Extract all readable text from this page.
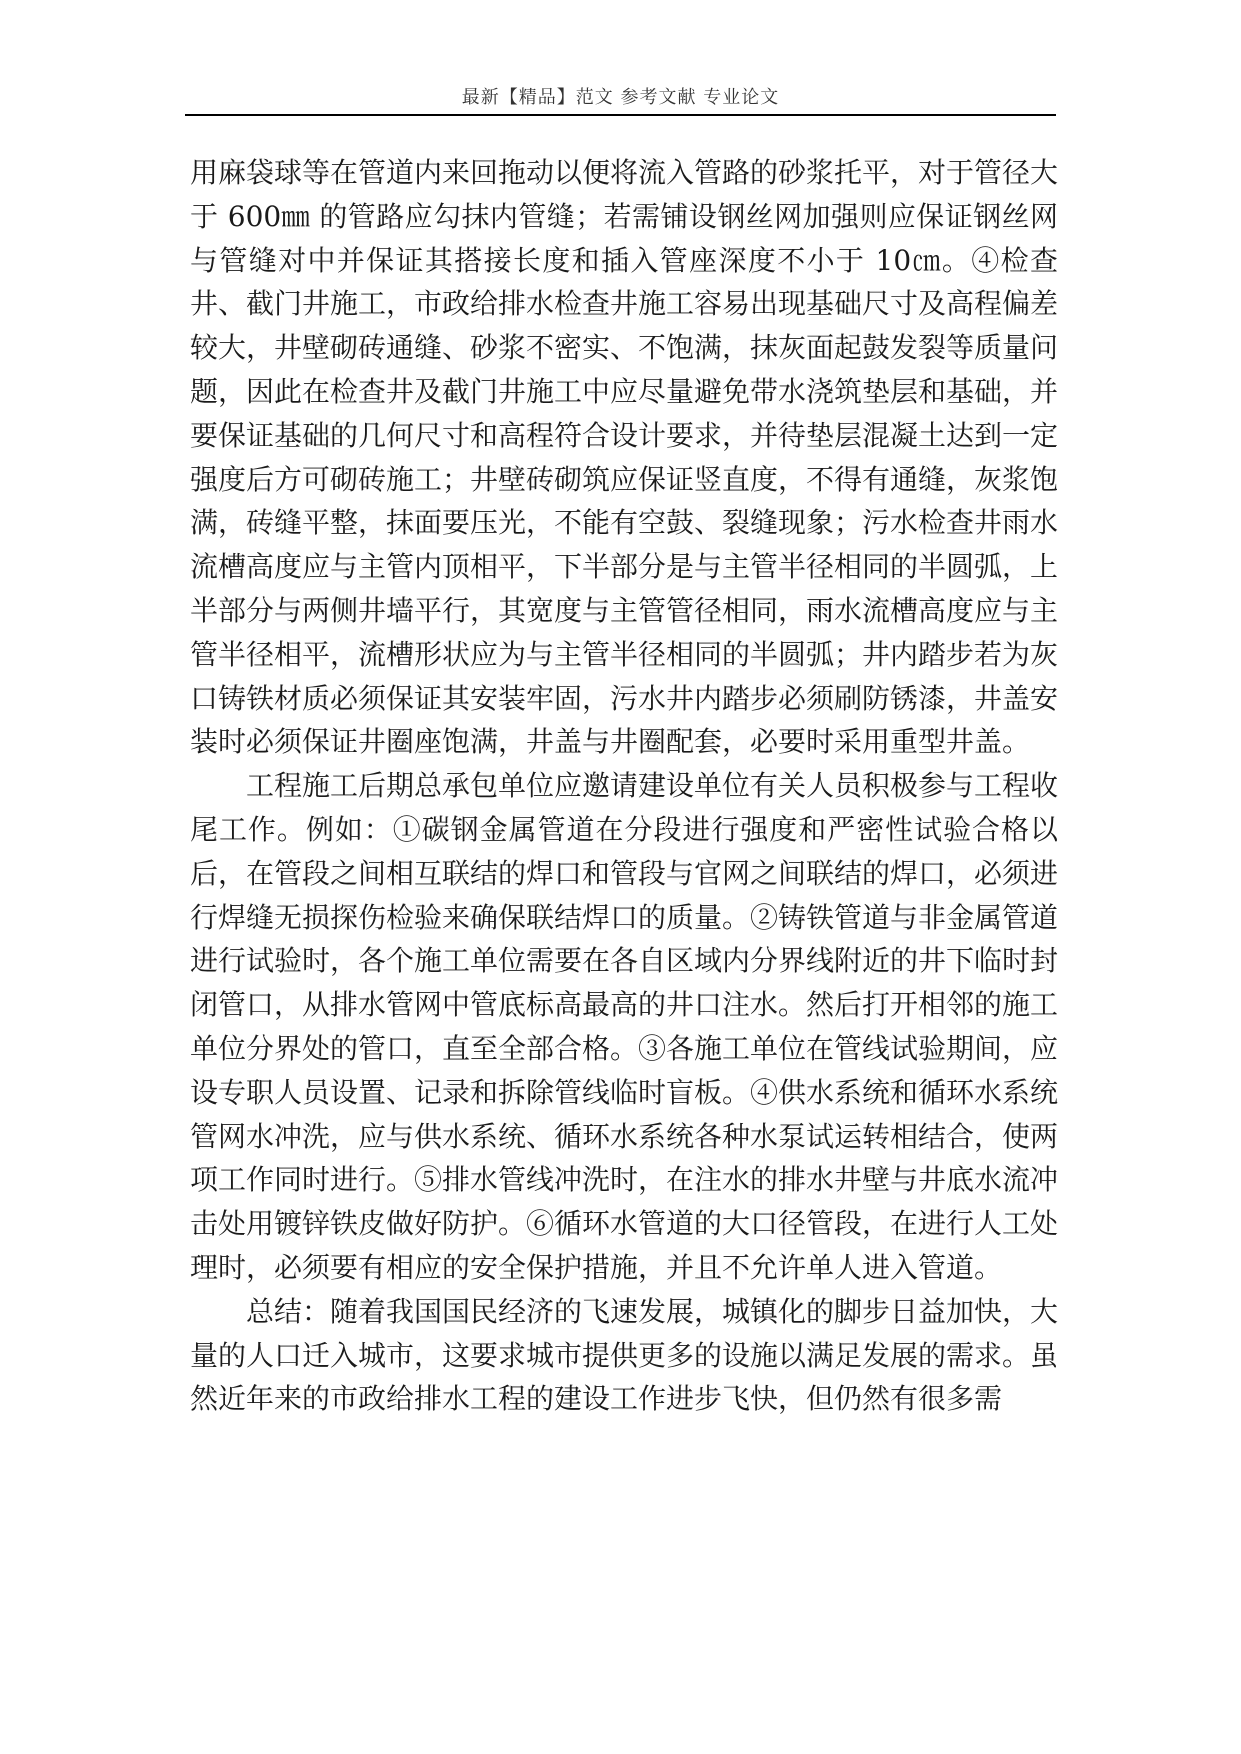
最新【精品】范文 参考文献 专业论文

用麻袋球等在管道内来回拖动以便将流入管路的砂浆托平，对于管径大于 600㎜ 的管路应勾抹内管缝；若需铺设钢丝网加强则应保证钢丝网与管缝对中并保证其搭接长度和插入管座深度不小于 10㎝。④检查井、截门井施工，市政给排水检查井施工容易出现基础尺寸及高程偏差较大，井壁砌砖通缝、砂浆不密实、不饱满，抹灰面起鼓发裂等质量问题，因此在检查井及截门井施工中应尽量避免带水浇筑垫层和基础，并要保证基础的几何尺寸和高程符合设计要求，并待垫层混凝土达到一定强度后方可砌砖施工；井壁砖砌筑应保证竖直度，不得有通缝，灰浆饱满，砖缝平整，抹面要压光，不能有空鼓、裂缝现象；污水检查井雨水流槽高度应与主管内顶相平，下半部分是与主管半径相同的半圆弧，上半部分与两侧井墙平行，其宽度与主管管径相同，雨水流槽高度应与主管半径相平，流槽形状应为与主管半径相同的半圆弧；井内踏步若为灰口铸铁材质必须保证其安装牢固，污水井内踏步必须刷防锈漆，井盖安装时必须保证井圈座饱满，井盖与井圈配套，必要时采用重型井盖。

工程施工后期总承包单位应邀请建设单位有关人员积极参与工程收尾工作。例如：①碳钢金属管道在分段进行强度和严密性试验合格以后，在管段之间相互联结的焊口和管段与官网之间联结的焊口，必须进行焊缝无损探伤检验来确保联结焊口的质量。②铸铁管道与非金属管道进行试验时，各个施工单位需要在各自区域内分界线附近的井下临时封闭管口，从排水管网中管底标高最高的井口注水。然后打开相邻的施工单位分界处的管口，直至全部合格。③各施工单位在管线试验期间，应设专职人员设置、记录和拆除管线临时盲板。④供水系统和循环水系统管网水冲洗，应与供水系统、循环水系统各种水泵试运转相结合，使两项工作同时进行。⑤排水管线冲洗时，在注水的排水井壁与井底水流冲击处用镀锌铁皮做好防护。⑥循环水管道的大口径管段，在进行人工处理时，必须要有相应的安全保护措施，并且不允许单人进入管道。

总结：随着我国国民经济的飞速发展，城镇化的脚步日益加快，大量的人口迁入城市，这要求城市提供更多的设施以满足发展的需求。虽然近年来的市政给排水工程的建设工作进步飞快，但仍然有很多需
